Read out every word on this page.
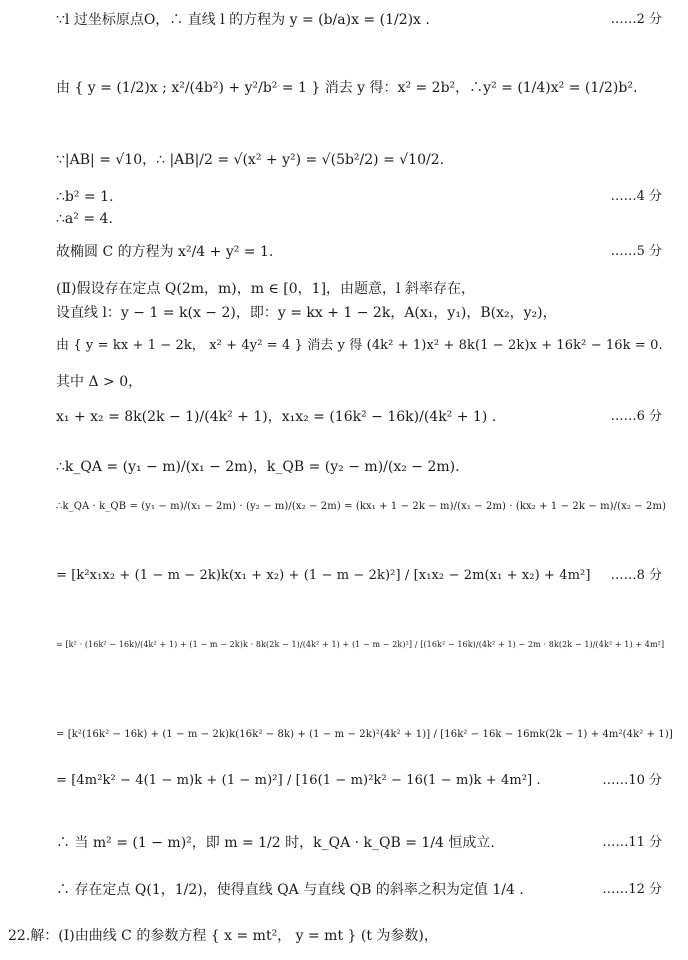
∵l 过坐标原点O，∴ 直线 l 的方程为 y = (b/a)x = (1/2)x .	……2 分
由 { y = (1/2)x ; x²/(4b²) + y²/b² = 1 } 消去 y 得：x² = 2b²，∴y² = (1/4)x² = (1/2)b².
∵|AB| = √10，∴ |AB|/2 = √(x² + y²) = √(5b²/2) = √10/2.
∴b² = 1.	……4 分
∴a² = 4.
故椭圆 C 的方程为 x²/4 + y² = 1.	……5 分
(Ⅱ)假设存在定点 Q(2m，m)，m ∈ [0，1]，由题意，l 斜率存在，
设直线 l：y − 1 = k(x − 2)，即：y = kx + 1 − 2k，A(x₁，y₁)，B(x₂，y₂)，
由 { y = kx + 1 − 2k， x² + 4y² = 4 } 消去 y 得 (4k² + 1)x² + 8k(1 − 2k)x + 16k² − 16k = 0.
其中 Δ > 0，
x₁ + x₂ = 8k(2k − 1)/(4k² + 1)，x₁x₂ = (16k² − 16k)/(4k² + 1) .	……6 分
∴k_QA = (y₁ − m)/(x₁ − 2m)，k_QB = (y₂ − m)/(x₂ − 2m).
∴k_QA · k_QB = (y₁ − m)/(x₁ − 2m) · (y₂ − m)/(x₂ − 2m) = (kx₁ + 1 − 2k − m)/(x₁ − 2m) · (kx₂ + 1 − 2k − m)/(x₂ − 2m)
= [k²x₁x₂ + (1 − m − 2k)k(x₁ + x₂) + (1 − m − 2k)²] / [x₁x₂ − 2m(x₁ + x₂) + 4m²] ……8 分
= [k² · (16k² − 16k)/(4k² + 1) + (1 − m − 2k)k · 8k(2k − 1)/(4k² + 1) + (1 − m − 2k)²] / [(16k² − 16k)/(4k² + 1) − 2m · 8k(2k − 1)/(4k² + 1) + 4m²]
= [k²(16k² − 16k) + (1 − m − 2k)k(16k² − 8k) + (1 − m − 2k)²(4k² + 1)] / [16k² − 16k − 16mk(2k − 1) + 4m²(4k² + 1)]
= [4m²k² − 4(1 − m)k + (1 − m)²] / [16(1 − m)²k² − 16(1 − m)k + 4m²] .	……10 分
∴ 当 m² = (1 − m)²，即 m = 1/2 时，k_QA · k_QB = 1/4 恒成立.	……11 分
∴ 存在定点 Q(1，1/2)，使得直线 QA 与直线 QB 的斜率之积为定值 1/4 .	……12 分
22.解：(Ⅰ)由曲线 C 的参数方程 { x = mt²， y = mt } (t 为参数)，
